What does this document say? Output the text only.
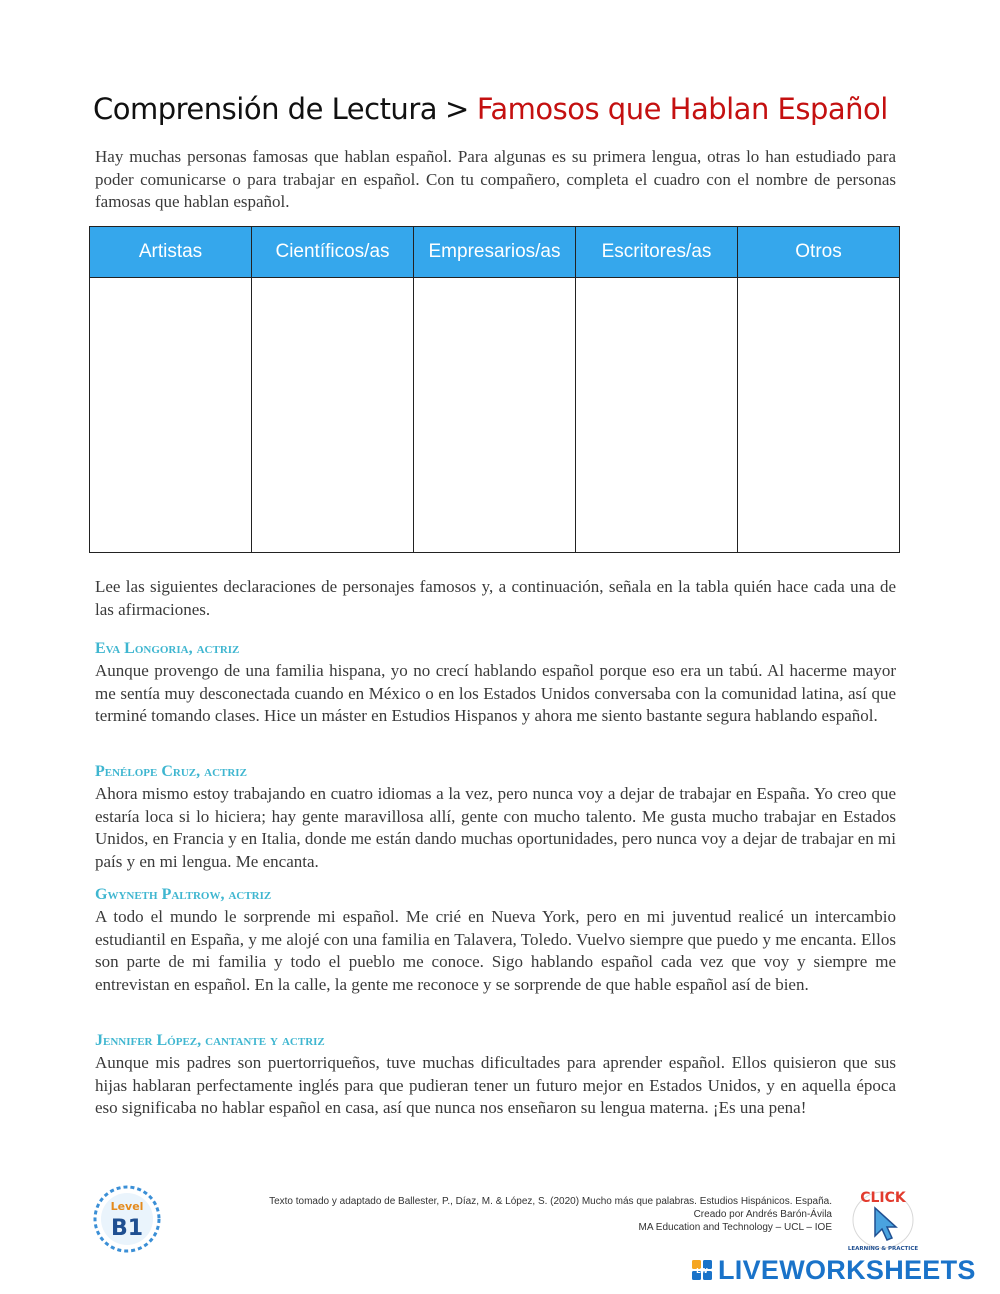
Comprensión de Lectura > Famosos que Hablan Español

Hay muchas personas famosas que hablan español. Para algunas es su primera lengua, otras lo han estudiado para poder comunicarse o para trabajar en español. Con tu compañero, completa el cuadro con el nombre de personas famosas que hablan español.

Artistas	Científicos/as	Empresarios/as	Escritores/as	Otros

Lee las siguientes declaraciones de personajes famosos y, a continuación, señala en la tabla quién hace cada una de las afirmaciones.

Eva Longoria, actriz

Aunque provengo de una familia hispana, yo no crecí hablando español porque eso era un tabú. Al hacerme mayor me sentía muy desconectada cuando en México o en los Estados Unidos conversaba con la comunidad latina, así que terminé tomando clases. Hice un máster en Estudios Hispanos y ahora me siento bastante segura hablando español.

Penélope Cruz, actriz

Ahora mismo estoy trabajando en cuatro idiomas a la vez, pero nunca voy a dejar de trabajar en España. Yo creo que estaría loca si lo hiciera; hay gente maravillosa allí, gente con mucho talento. Me gusta mucho trabajar en Estados Unidos, en Francia y en Italia, donde me están dando muchas oportunidades, pero nunca voy a dejar de trabajar en mi país y en mi lengua. Me encanta.

Gwyneth Paltrow, actriz

A todo el mundo le sorprende mi español. Me crié en Nueva York, pero en mi juventud realicé un intercambio estudiantil en España, y me alojé con una familia en Talavera, Toledo. Vuelvo siempre que puedo y me encanta. Ellos son parte de mi familia y todo el pueblo me conoce. Sigo hablando español cada vez que voy y siempre me entrevistan en español. En la calle, la gente me reconoce y se sorprende de que hable español así de bien.

Jennifer López, cantante y actriz

Aunque mis padres son puertorriqueños, tuve muchas dificultades para aprender español. Ellos quisieron que sus hijas hablaran perfectamente inglés para que pudieran tener un futuro mejor en Estados Unidos, y en aquella época eso significaba no hablar español en casa, así que nunca nos enseñaron su lengua materna. ¡Es una pena!

Level
B1
Texto tomado y adaptado de Ballester, P., Díaz, M. & López, S. (2020) Mucho más que palabras. Estudios Hispánicos. España.
Creado por Andrés Barón-Ávila
MA Education and Technology – UCL – IOE
CLICK
LEARNING & PRACTICE
LW LIVEWORKSHEETS
